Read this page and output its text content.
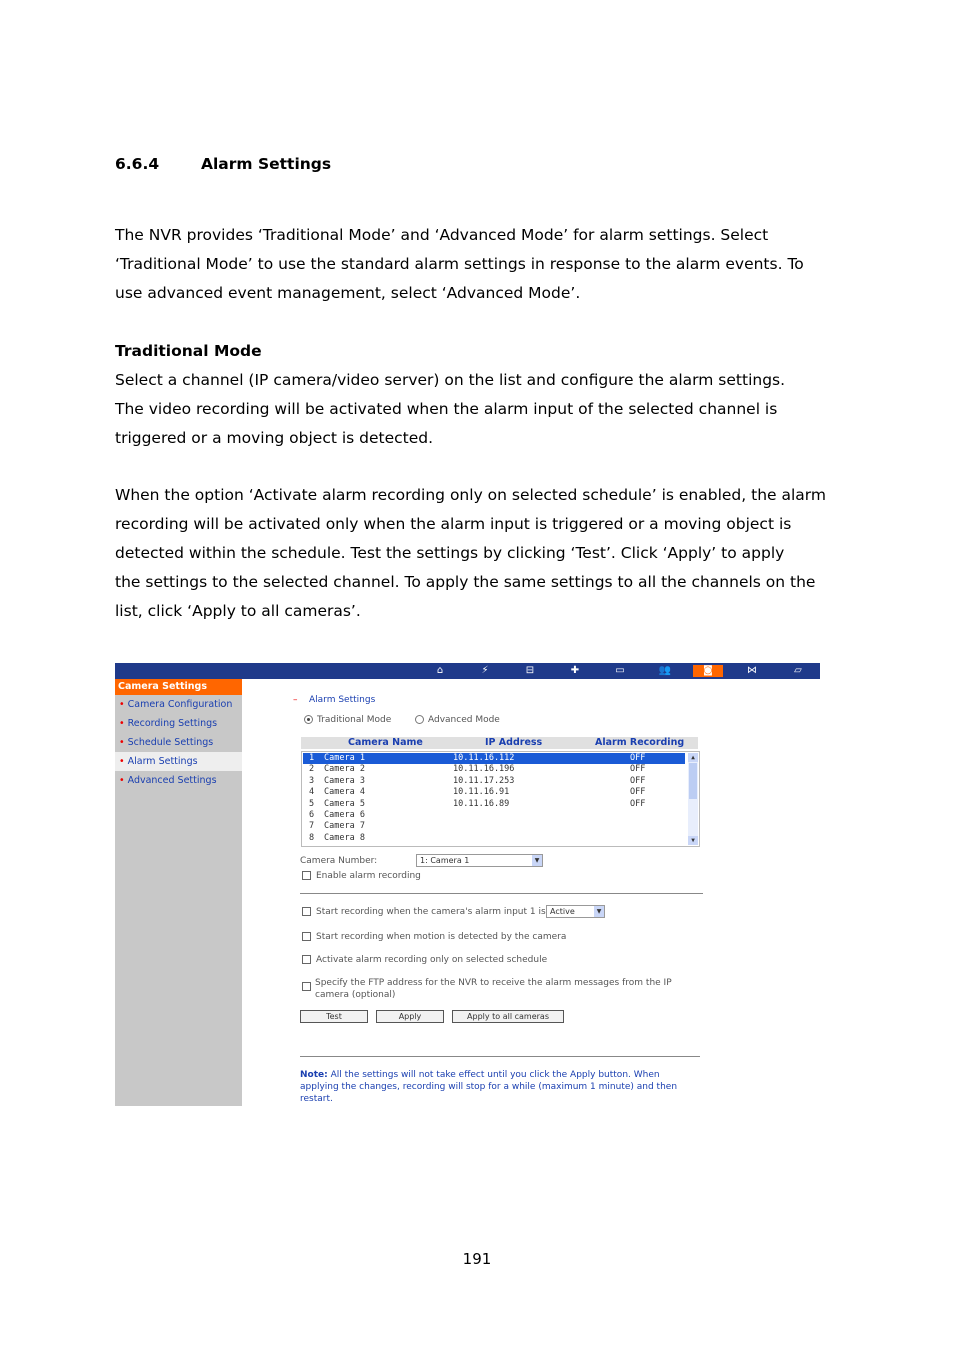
6.6.4	Alarm Settings

The NVR provides ‘Traditional Mode’ and ‘Advanced Mode’ for alarm settings. Select

‘Traditional Mode’ to use the standard alarm settings in response to the alarm events. To

use advanced event management, select ‘Advanced Mode’.

Traditional Mode

Select a channel (IP camera/video server) on the list and configure the alarm settings.

The video recording will be activated when the alarm input of the selected channel is

triggered or a moving object is detected.

When the option ‘Activate alarm recording only on selected schedule’ is enabled, the alarm

recording will be activated only when the alarm input is triggered or a moving object is

detected within the schedule. Test the settings by clicking ‘Test’. Click ‘Apply’ to apply

the settings to the selected channel. To apply the same settings to all the channels on the

list, click ‘Apply to all cameras’.

⌂	⚡	⊟	✚	▭	👥	◙	⋈	▱
Camera Settings
• Camera Configuration
• Recording Settings
• Schedule Settings
• Alarm Settings
• Advanced Settings
– Alarm Settings
Traditional Mode	Advanced Mode
Camera Name	IP Address	Alarm Recording
1 Camera 1	10.11.16.112	OFF
2 Camera 2	10.11.16.196	OFF
3 Camera 3	10.11.17.253	OFF
4 Camera 4	10.11.16.91	OFF
5 Camera 5	10.11.16.89	OFF
6 Camera 6
7 Camera 7
8 Camera 8
▲
▼
Camera Number:	1: Camera 1	▼
Enable alarm recording
Start recording when the camera's alarm input 1 is Active	▼
Start recording when motion is detected by the camera
Activate alarm recording only on selected schedule
Specify the FTP address for the NVR to receive the alarm messages from the IP
camera (optional)
Test	Apply	Apply to all cameras
Note: All the settings will not take effect until you click the Apply button. When
applying the changes, recording will stop for a while (maximum 1 minute) and then
restart.
191
